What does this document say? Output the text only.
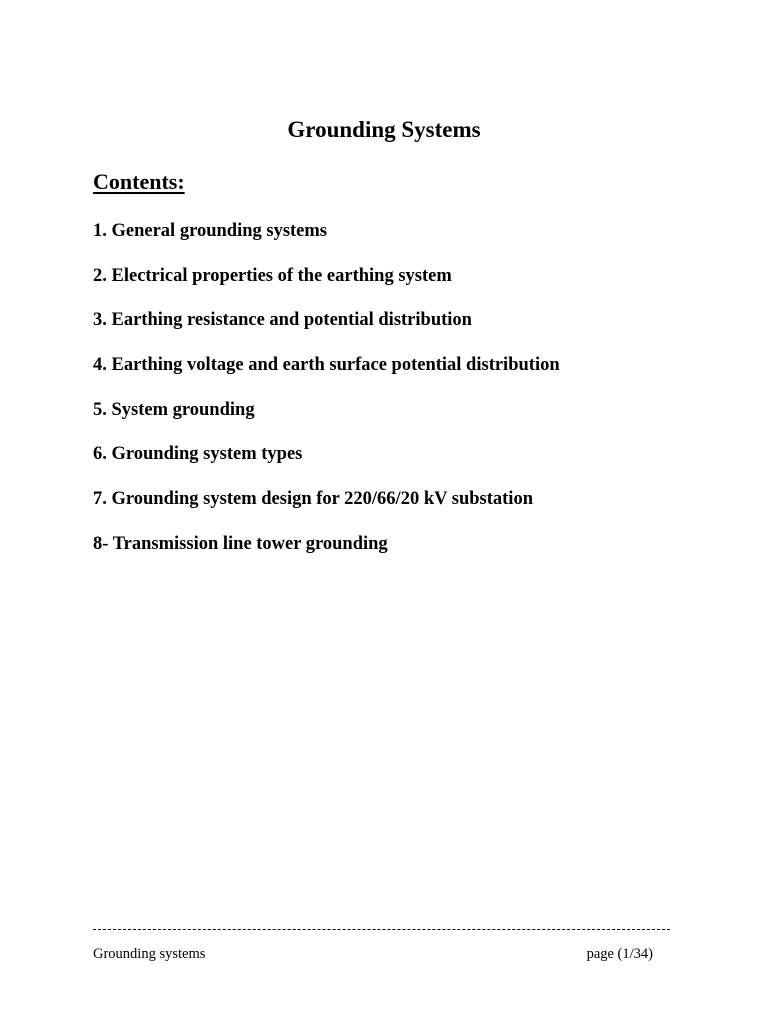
Grounding Systems
Contents:
1. General grounding systems
2. Electrical properties of the earthing system
3. Earthing resistance and potential distribution
4. Earthing voltage and earth surface potential distribution
5. System grounding
6. Grounding system types
7. Grounding system design for 220/66/20 kV substation
8- Transmission line tower grounding
Grounding systems	page (1/34)
